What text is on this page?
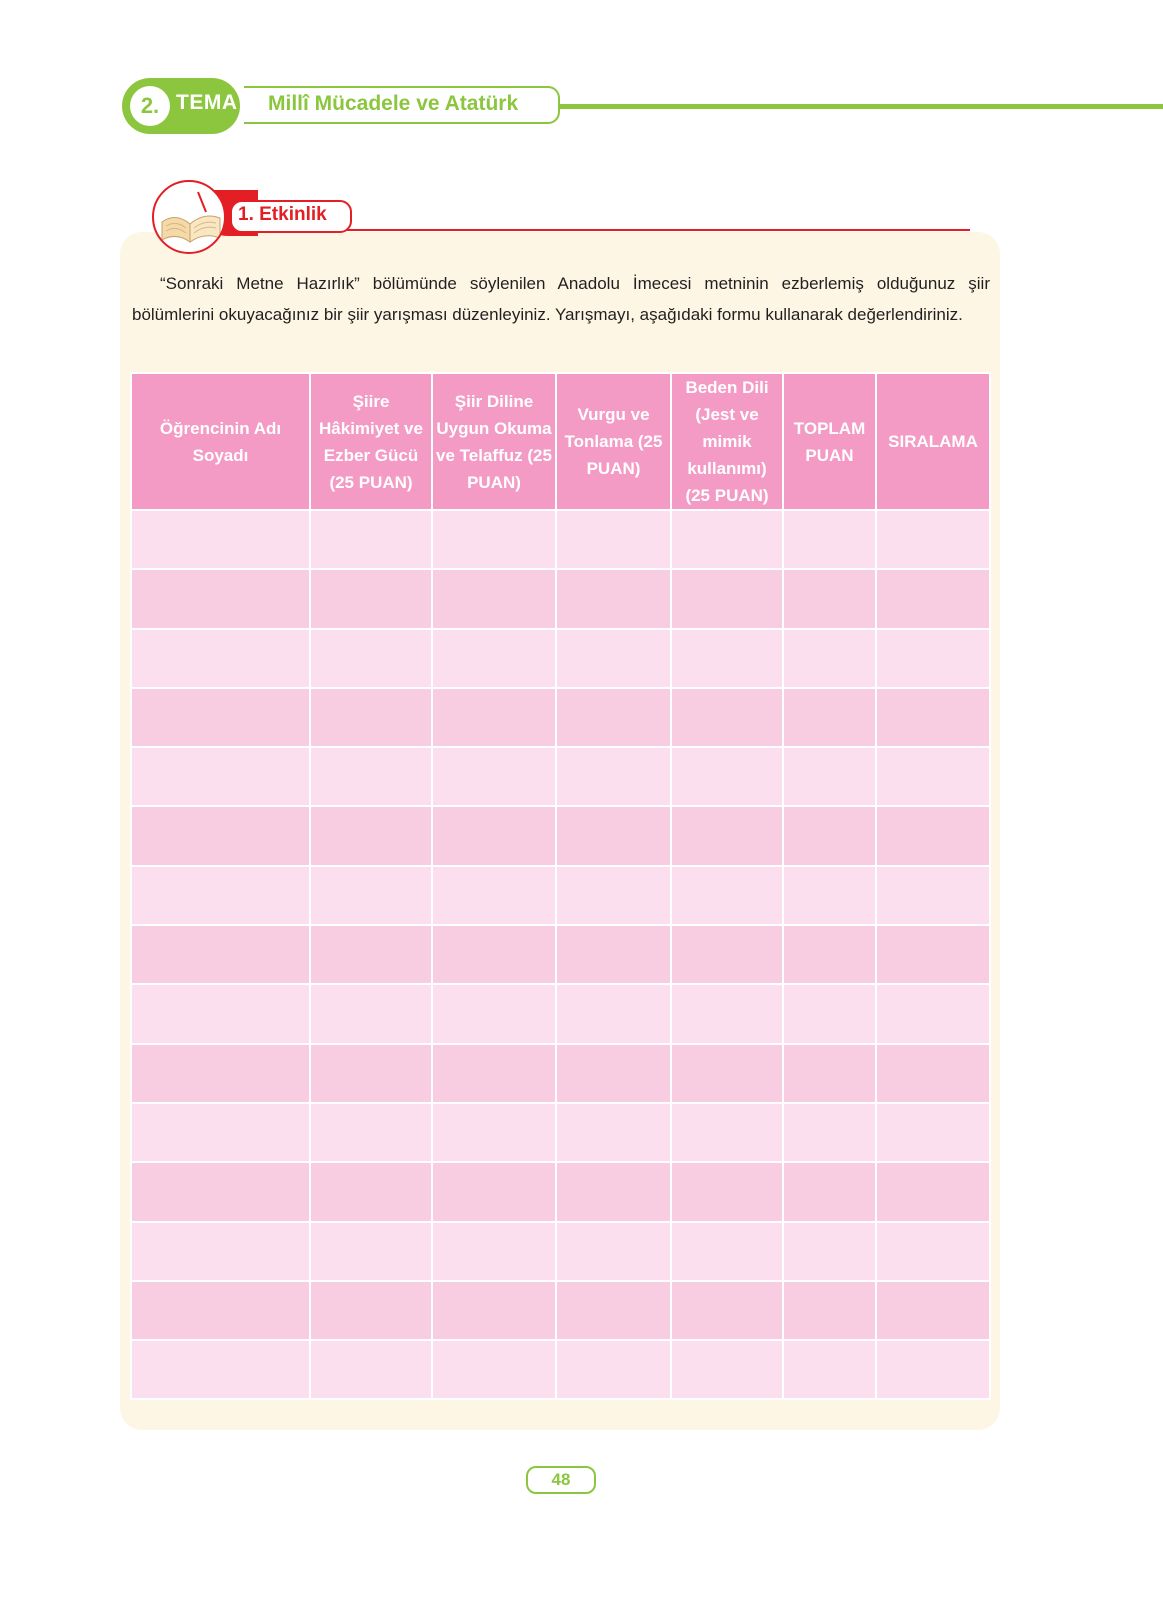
2. TEMA Millî Mücadele ve Atatürk
1. Etkinlik

“Sonraki Metne Hazırlık” bölümünde söylenilen Anadolu İmecesi metninin ezberlemiş olduğunuz şiir bölümlerini okuyacağınız bir şiir yarışması düzenleyiniz. Yarışmayı, aşağıdaki formu kullanarak değerlendiriniz.

Öğrencinin Adı Soyadı	Şiire Hâkimiyet ve Ezber Gücü (25 PUAN)	Şiir Diline Uygun Okuma ve Telaffuz (25 PUAN)	Vurgu ve Tonlama (25 PUAN)	Beden Dili (Jest ve mimik kullanımı) (25 PUAN)	TOPLAM PUAN	SIRALAMA

48
